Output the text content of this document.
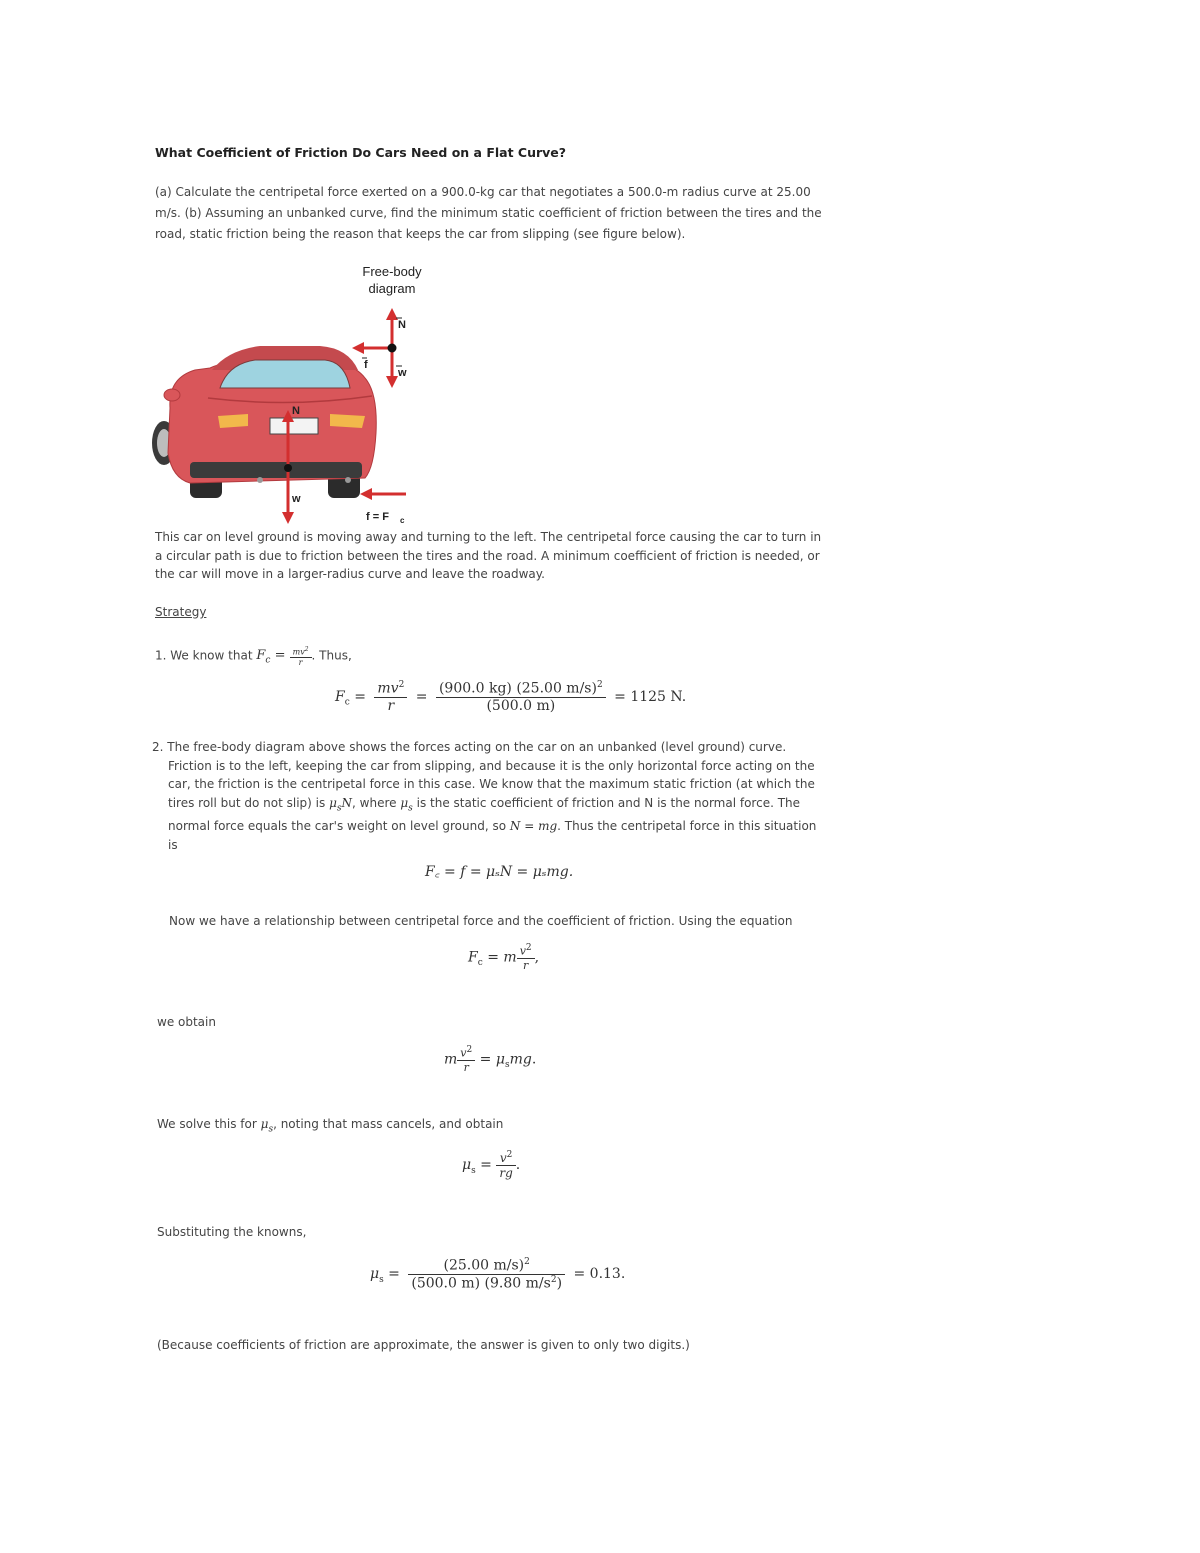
What Coefficient of Friction Do Cars Need on a Flat Curve?
(a) Calculate the centripetal force exerted on a 900.0-kg car that negotiates a 500.0-m radius curve at 25.00
m/s. (b) Assuming an unbanked curve, find the minimum static coefficient of friction between the tires and the
road, static friction being the reason that keeps the car from slipping (see figure below).
Free-body
diagram
N
w
f
N
w
f = F c
This car on level ground is moving away and turning to the left. The centripetal force causing the car to turn in
a circular path is due to friction between the tires and the road. A minimum coefficient of friction is needed, or
the car will move in a larger-radius curve and leave the roadway.
Strategy
1. We know that $F_c = \frac{mv^2}{r}$ . Thus,
$F_c = \frac{mv^2}{r} = \frac{(900.0 kg) (25.00 m/s)^2}{(500.0 m)} = 1125$ N.
2. The free-body diagram above shows the forces acting on the car on an unbanked (level ground) curve.
Friction is to the left, keeping the car from slipping, and because it is the only horizontal force acting on the
car, the friction is the centripetal force in this case. We know that the maximum static friction (at which the
tires roll but do not slip) is $\mu_sN$, where $\mu_s$ is the static coefficient of friction and N is the normal force. The
normal force equals the car's weight on level ground, so N = mg. Thus the centripetal force in this situation
is
F꜀ = f = μₛN = μₛmg.
Now we have a relationship between centripetal force and the coefficient of friction. Using the equation
$F_c = m \frac{v^2}{r}$ ,
we obtain
m $\frac{v^2}{r} = \mu_smg$.
We solve this for $\mu_s$, noting that mass cancels, and obtain
$\mu_s = \frac{v^2}{rg}$ .
Substituting the knowns,
$\mu_s = \frac{(25.00 m/s)^2}{(500.0 m) (9.80 m/s^2)} = 0.13$.
(Because coefficients of friction are approximate, the answer is given to only two digits.)
